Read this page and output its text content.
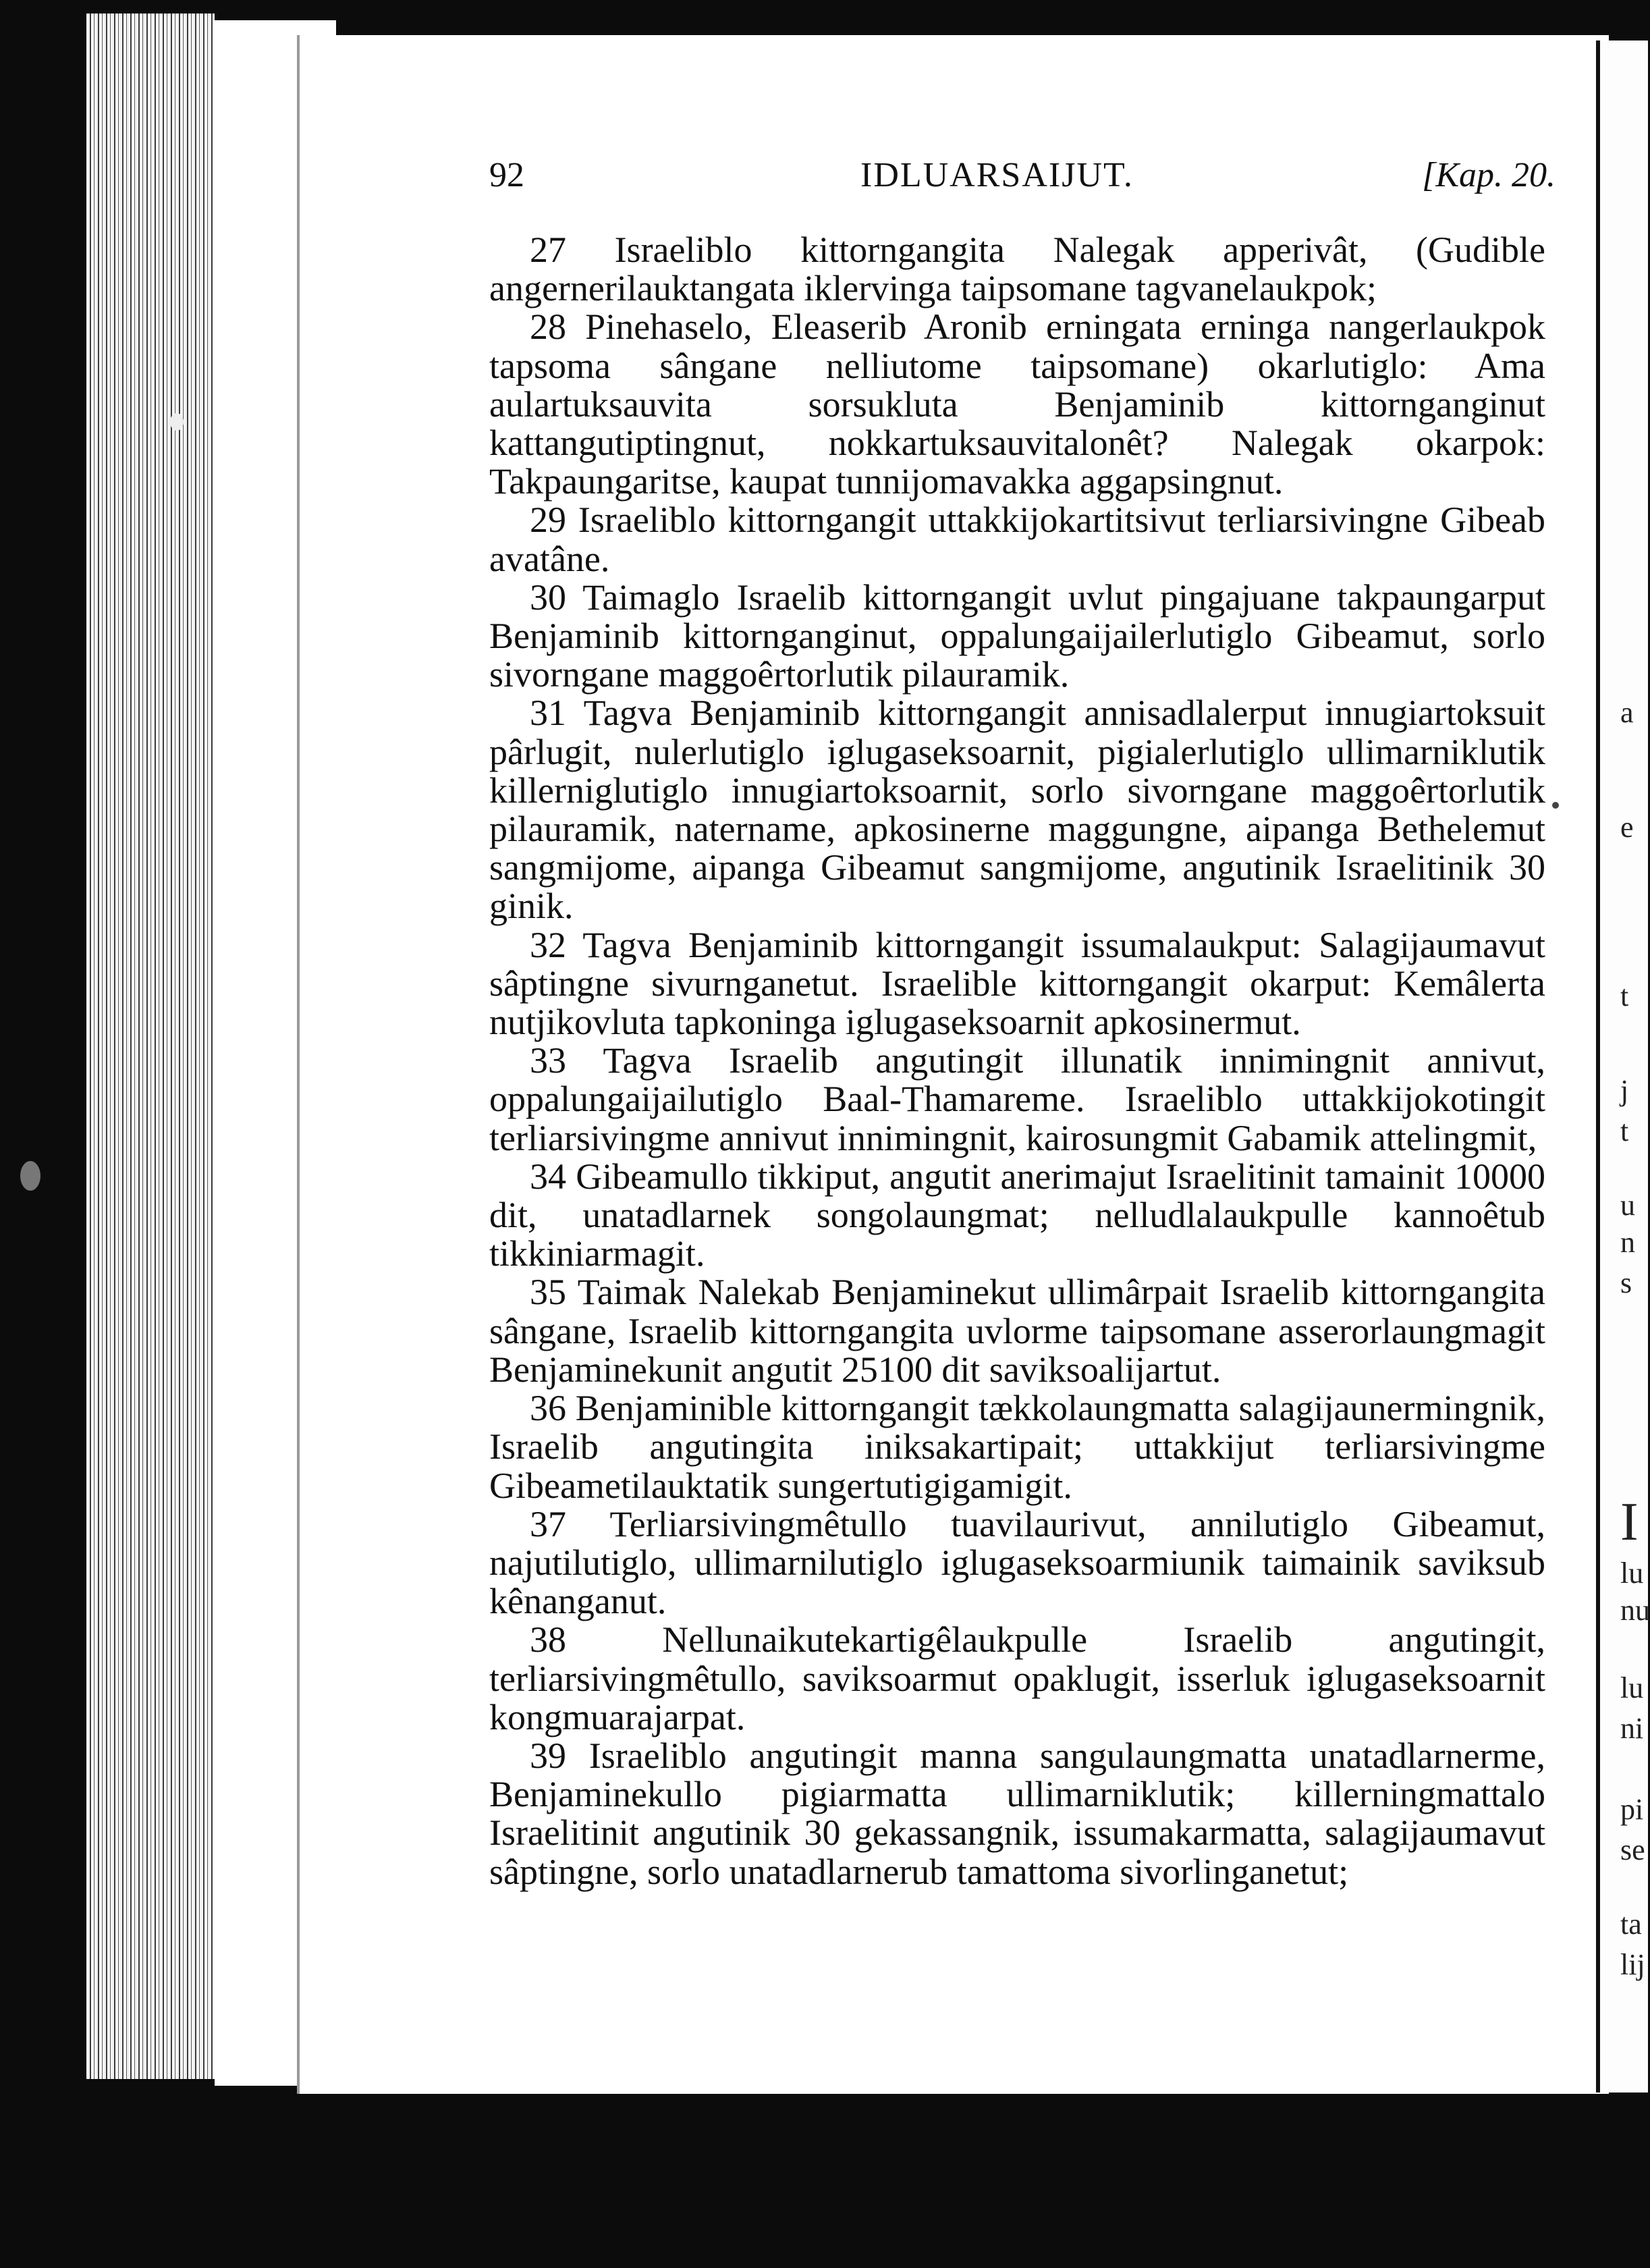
a
e
t
j
t
u
n
s
I
lu
nu
lu
ni
pi
se
ta
lij
92	IDLUARSAIJUT.	[Kap. 20.

27 Israeliblo kittorngangita Nalegak apperivât, (Gudible angernerilauktangata iklervinga taipsomane tagvanelaukpok;

28 Pinehaselo, Eleaserib Aronib erningata erninga nangerlaukpok tapsoma sângane nelliutome taipsomane) okarlutiglo: Ama aulartuksauvita sorsukluta Benjaminib kittornganginut kattangutiptingnut, nokkartuksauvitalonêt? Nalegak okarpok: Takpaungaritse, kaupat tunnijomavakka aggapsingnut.

29 Israeliblo kittorngangit uttakkijokartitsivut terliarsivingne Gibeab avatâne.

30 Taimaglo Israelib kittorngangit uvlut pingajuane takpaungarput Benjaminib kittornganginut, oppalungaijailerlutiglo Gibeamut, sorlo sivorngane maggoêrtorlutik pilauramik.

31 Tagva Benjaminib kittorngangit annisadlalerput innugiartoksuit pârlugit, nulerlutiglo iglugaseksoarnit, pigialerlutiglo ullimarniklutik killerniglutiglo innugiartoksoarnit, sorlo sivorngane maggoêrtorlutik pilauramik, natername, apkosinerne maggungne, aipanga Bethelemut sangmijome, aipanga Gibeamut sangmijome, angutinik Israelitinik 30 ginik.

32 Tagva Benjaminib kittorngangit issumalaukput: Salagijaumavut sâptingne sivurnganetut. Israelible kittorngangit okarput: Kemâlerta nutjikovluta tapkoninga iglugaseksoarnit apkosinermut.

33 Tagva Israelib angutingit illunatik innimingnit annivut, oppalungaijailutiglo Baal-Thamareme. Israeliblo uttakkijokotingit terliarsivingme annivut innimingnit, kairosungmit Gabamik attelingmit,

34 Gibeamullo tikkiput, angutit anerimajut Israelitinit tamainit 10000 dit, unatadlarnek songolaungmat; nelludlalaukpulle kannoêtub tikkiniarmagit.

35 Taimak Nalekab Benjaminekut ullimârpait Israelib kittorngangita sângane, Israelib kittorngangita uvlorme taipsomane asserorlaungmagit Benjaminekunit angutit 25100 dit saviksoalijartut.

36 Benjaminible kittorngangit tækkolaungmatta salagijaunermingnik, Israelib angutingita iniksakartipait; uttakkijut terliarsivingme Gibeametilauktatik sungertutigigamigit.

37 Terliarsivingmêtullo tuavilaurivut, annilutiglo Gibeamut, najutilutiglo, ullimarnilutiglo iglugaseksoarmiunik taimainik saviksub kênanganut.

38	Nellunaikutekartigêlaukpulle Israelib angutingit, terliarsivingmêtullo, saviksoarmut opaklugit, isserluk iglugaseksoarnit kongmuarajarpat.

39 Israeliblo angutingit manna sangulaungmatta unatadlarnerme, Benjaminekullo pigiarmatta ullimarniklutik; killerningmattalo Israelitinit angutinik 30 gekassangnik, issumakarmatta, salagijaumavut sâptingne, sorlo unatadlarnerub tamattoma sivorlinganetut;
